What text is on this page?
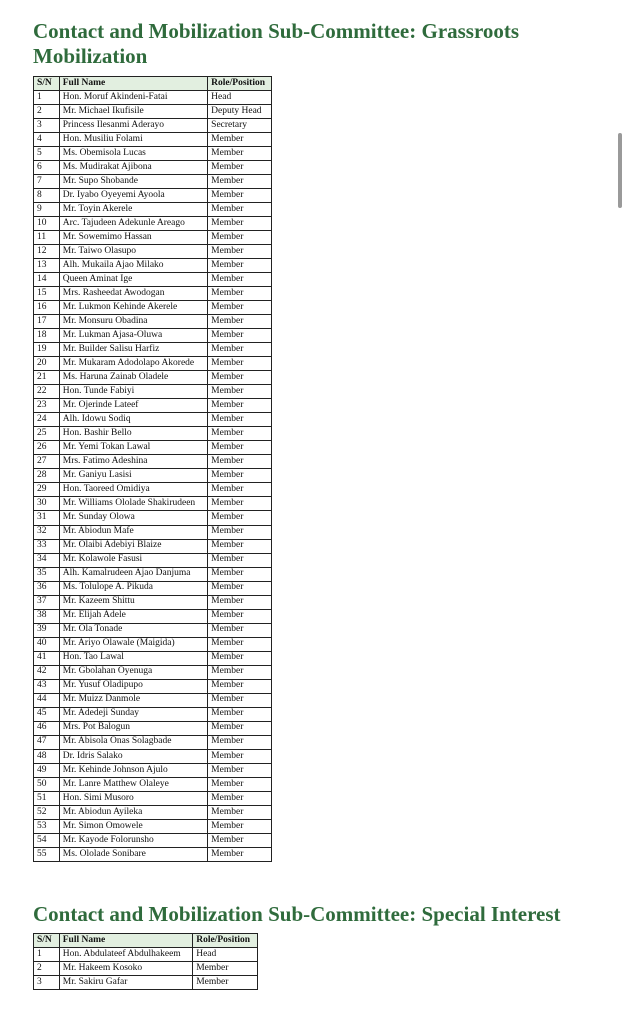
Contact and Mobilization Sub-Committee: Grassroots Mobilization
S/N	Full Name	Role/Position
1	Hon. Moruf Akindeni-Fatai	Head
2	Mr. Michael Ikufisile	Deputy Head
3	Princess Ilesanmi Aderayo	Secretary
4	Hon. Musiliu Folami	Member
5	Ms. Obemisola Lucas	Member
6	Ms. Mudirakat Ajibona	Member
7	Mr. Supo Shobande	Member
8	Dr. Iyabo Oyeyemi Ayoola	Member
9	Mr. Toyin Akerele	Member
10	Arc. Tajudeen Adekunle Areago	Member
11	Mr. Sowemimo Hassan	Member
12	Mr. Taiwo Olasupo	Member
13	Alh. Mukaila Ajao Milako	Member
14	Queen Aminat Ige	Member
15	Mrs. Rasheedat Awodogan	Member
16	Mr. Lukmon Kehinde Akerele	Member
17	Mr. Monsuru Obadina	Member
18	Mr. Lukman Ajasa-Oluwa	Member
19	Mr. Builder Salisu Harfiz	Member
20	Mr. Mukaram Adodolapo Akorede	Member
21	Ms. Haruna Zainab Oladele	Member
22	Hon. Tunde Fabiyi	Member
23	Mr. Ojerinde Lateef	Member
24	Alh. Idowu Sodiq	Member
25	Hon. Bashir Bello	Member
26	Mr. Yemi Tokan Lawal	Member
27	Mrs. Fatimo Adeshina	Member
28	Mr. Ganiyu Lasisi	Member
29	Hon. Taoreed Omidiya	Member
30	Mr. Williams Ololade Shakirudeen	Member
31	Mr. Sunday Olowa	Member
32	Mr. Abiodun Mafe	Member
33	Mr. Olaibi Adebiyi Blaize	Member
34	Mr. Kolawole Fasusi	Member
35	Alh. Kamalrudeen Ajao Danjuma	Member
36	Ms. Tolulope A. Pikuda	Member
37	Mr. Kazeem Shittu	Member
38	Mr. Elijah Adele	Member
39	Mr. Ola Tonade	Member
40	Mr. Ariyo Olawale (Maigida)	Member
41	Hon. Tao Lawal	Member
42	Mr. Gbolahan Oyenuga	Member
43	Mr. Yusuf Oladipupo	Member
44	Mr. Muizz Danmole	Member
45	Mr. Adedeji Sunday	Member
46	Mrs. Pot Balogun	Member
47	Mr. Abisola Onas Solagbade	Member
48	Dr. Idris Salako	Member
49	Mr. Kehinde Johnson Ajulo	Member
50	Mr. Lanre Matthew Olaleye	Member
51	Hon. Simi Musoro	Member
52	Mr. Abiodun Ayileka	Member
53	Mr. Simon Omowele	Member
54	Mr. Kayode Folorunsho	Member
55	Ms. Ololade Sonibare	Member
Contact and Mobilization Sub-Committee: Special Interest
S/N	Full Name	Role/Position
1	Hon. Abdulateef Abdulhakeem	Head
2	Mr. Hakeem Kosoko	Member
3	Mr. Sakiru Gafar	Member
